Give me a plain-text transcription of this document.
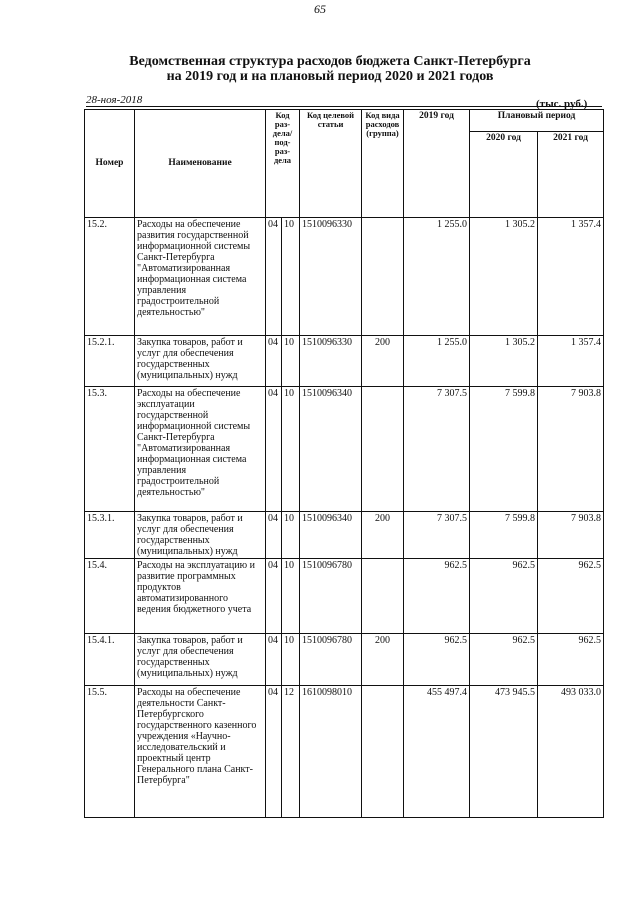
65
Ведомственная структура расходов бюджета Санкт-Петербурга
на 2019 год и на плановый период 2020 и 2021 годов
28-ноя-2018	(тыс. руб.)
Номер	Наименование	Код раз-дела/ под-раз-дела		Код целевой статьи	Код вида расходов (группа)	2019 год	Плановый период	
							2020 год	2021 год
15.2.	Расходы на обеспечение развития государственной информационной системы Санкт-Петербурга "Автоматизированная информационная система управления градостроительной деятельностью"	04	10	1510096330		1 255.0	1 305.2	1 357.4
15.2.1.	Закупка товаров, работ и услуг для обеспечения государственных (муниципальных) нужд	04	10	1510096330	200	1 255.0	1 305.2	1 357.4
15.3.	Расходы на обеспечение эксплуатации государственной информационной системы Санкт-Петербурга "Автоматизированная информационная система управления градостроительной деятельностью"	04	10	1510096340		7 307.5	7 599.8	7 903.8
15.3.1.	Закупка товаров, работ и услуг для обеспечения государственных (муниципальных) нужд	04	10	1510096340	200	7 307.5	7 599.8	7 903.8
15.4.	Расходы на эксплуатацию и развитие программных продуктов автоматизированного ведения бюджетного учета	04	10	1510096780		962.5	962.5	962.5
15.4.1.	Закупка товаров, работ и услуг для обеспечения государственных (муниципальных) нужд	04	10	1510096780	200	962.5	962.5	962.5
15.5.	Расходы на обеспечение деятельности Санкт-Петербургского государственного казенного учреждения «Научно-исследовательский и проектный центр Генерального плана Санкт-Петербурга"	04	12	1610098010		455 497.4	473 945.5	493 033.0
